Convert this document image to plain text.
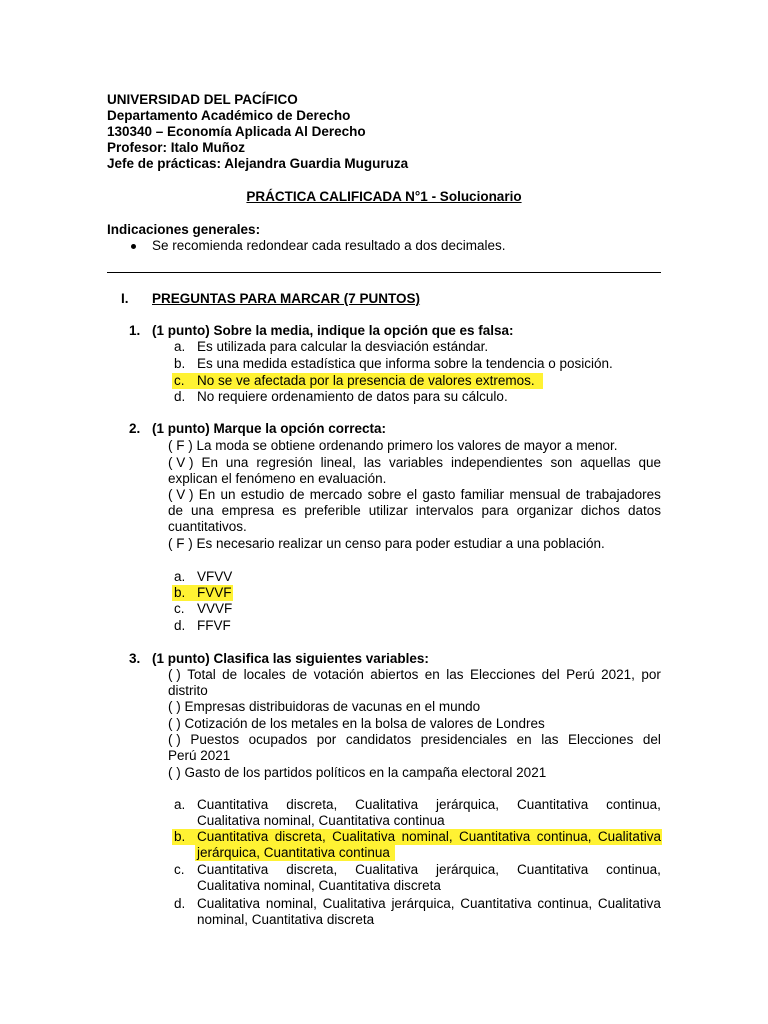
UNIVERSIDAD DEL PACÍFICO
Departamento Académico de Derecho
130340 – Economía Aplicada Al Derecho
Profesor: Italo Muñoz
Jefe de prácticas: Alejandra Guardia Muguruza
PRÁCTICA CALIFICADA N°1 - Solucionario
Indicaciones generales:
Se recomienda redondear cada resultado a dos decimales.
I. PREGUNTAS PARA MARCAR (7 PUNTOS)
1. (1 punto) Sobre la media, indique la opción que es falsa:
a. Es utilizada para calcular la desviación estándar.
b. Es una medida estadística que informa sobre la tendencia o posición.
c. No se ve afectada por la presencia de valores extremos.
d. No requiere ordenamiento de datos para su cálculo.
2. (1 punto) Marque la opción correcta:
( F ) La moda se obtiene ordenando primero los valores de mayor a menor.
( V ) En una regresión lineal, las variables independientes son aquellas que
explican el fenómeno en evaluación.
( V ) En un estudio de mercado sobre el gasto familiar mensual de trabajadores
de una empresa es preferible utilizar intervalos para organizar dichos datos
cuantitativos.
( F ) Es necesario realizar un censo para poder estudiar a una población.
a. VFVV
b. FVVF
c. VVVF
d. FFVF
3. (1 punto) Clasifica las siguientes variables:
( ) Total de locales de votación abiertos en las Elecciones del Perú 2021, por
distrito
( ) Empresas distribuidoras de vacunas en el mundo
( ) Cotización de los metales en la bolsa de valores de Londres
( ) Puestos ocupados por candidatos presidenciales en las Elecciones del
Perú 2021
( ) Gasto de los partidos políticos en la campaña electoral 2021
a. Cuantitativa discreta, Cualitativa jerárquica, Cuantitativa continua,
Cualitativa nominal, Cuantitativa continua
b. Cuantitativa discreta, Cualitativa nominal, Cuantitativa continua, Cualitativa
jerárquica, Cuantitativa continua
c. Cuantitativa discreta, Cualitativa jerárquica, Cuantitativa continua,
Cualitativa nominal, Cuantitativa discreta
d. Cualitativa nominal, Cualitativa jerárquica, Cuantitativa continua, Cualitativa
nominal, Cuantitativa discreta
